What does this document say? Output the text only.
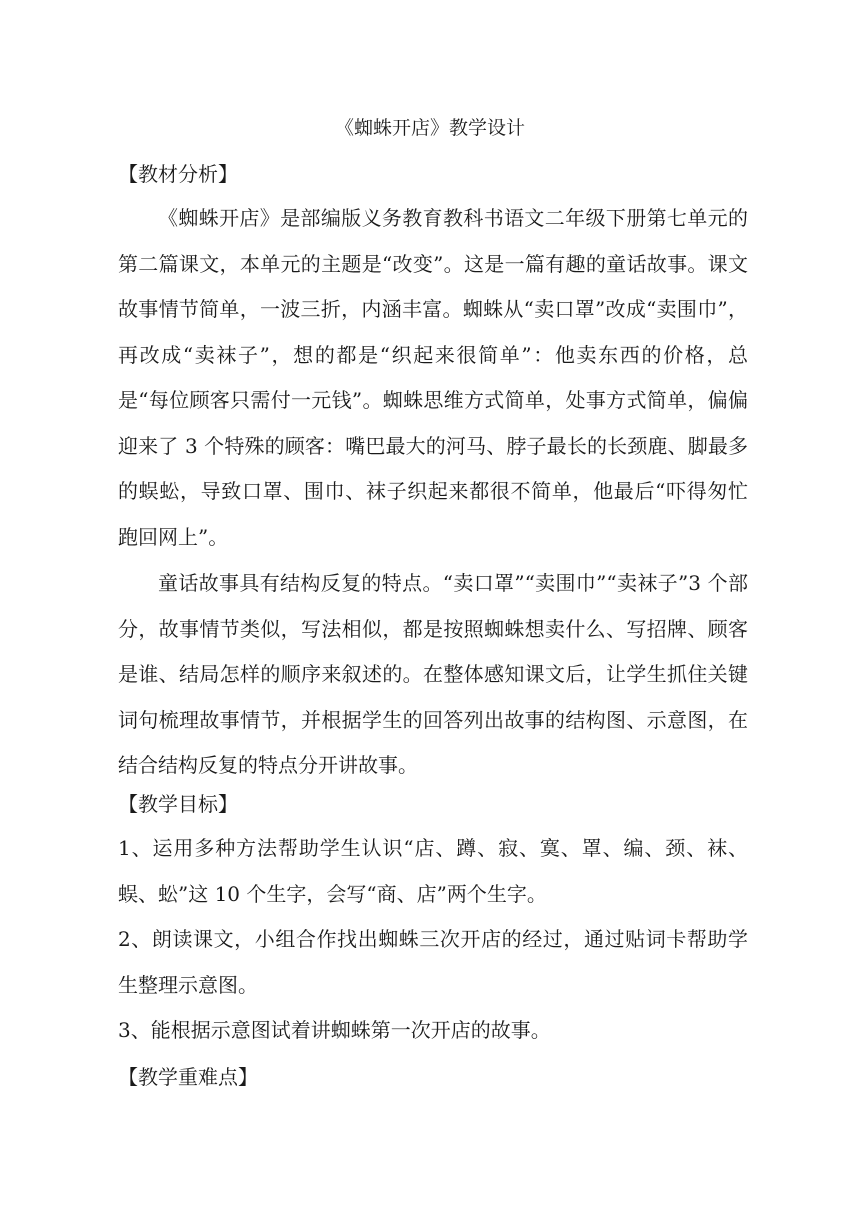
《蜘蛛开店》教学设计
【教材分析】
《蜘蛛开店》是部编版义务教育教科书语文二年级下册第七单元的第二篇课文，本单元的主题是“改变”。这是一篇有趣的童话故事。课文故事情节简单，一波三折，内涵丰富。蜘蛛从“卖口罩”改成“卖围巾”，再改成“卖袜子”，想的都是“织起来很简单”：他卖东西的价格，总是“每位顾客只需付一元钱”。蜘蛛思维方式简单，处事方式简单，偏偏迎来了 3 个特殊的顾客：嘴巴最大的河马、脖子最长的长颈鹿、脚最多的蜈蚣，导致口罩、围巾、袜子织起来都很不简单，他最后“吓得匆忙跑回网上”。
童话故事具有结构反复的特点。“卖口罩”“卖围巾”“卖袜子”3 个部分，故事情节类似，写法相似，都是按照蜘蛛想卖什么、写招牌、顾客是谁、结局怎样的顺序来叙述的。在整体感知课文后，让学生抓住关键词句梳理故事情节，并根据学生的回答列出故事的结构图、示意图，在结合结构反复的特点分开讲故事。
【教学目标】
1、运用多种方法帮助学生认识“店、蹲、寂、寞、罩、编、颈、袜、蜈、蚣”这 10 个生字，会写“商、店”两个生字。
2、朗读课文，小组合作找出蜘蛛三次开店的经过，通过贴词卡帮助学生整理示意图。
3、能根据示意图试着讲蜘蛛第一次开店的故事。
【教学重难点】
